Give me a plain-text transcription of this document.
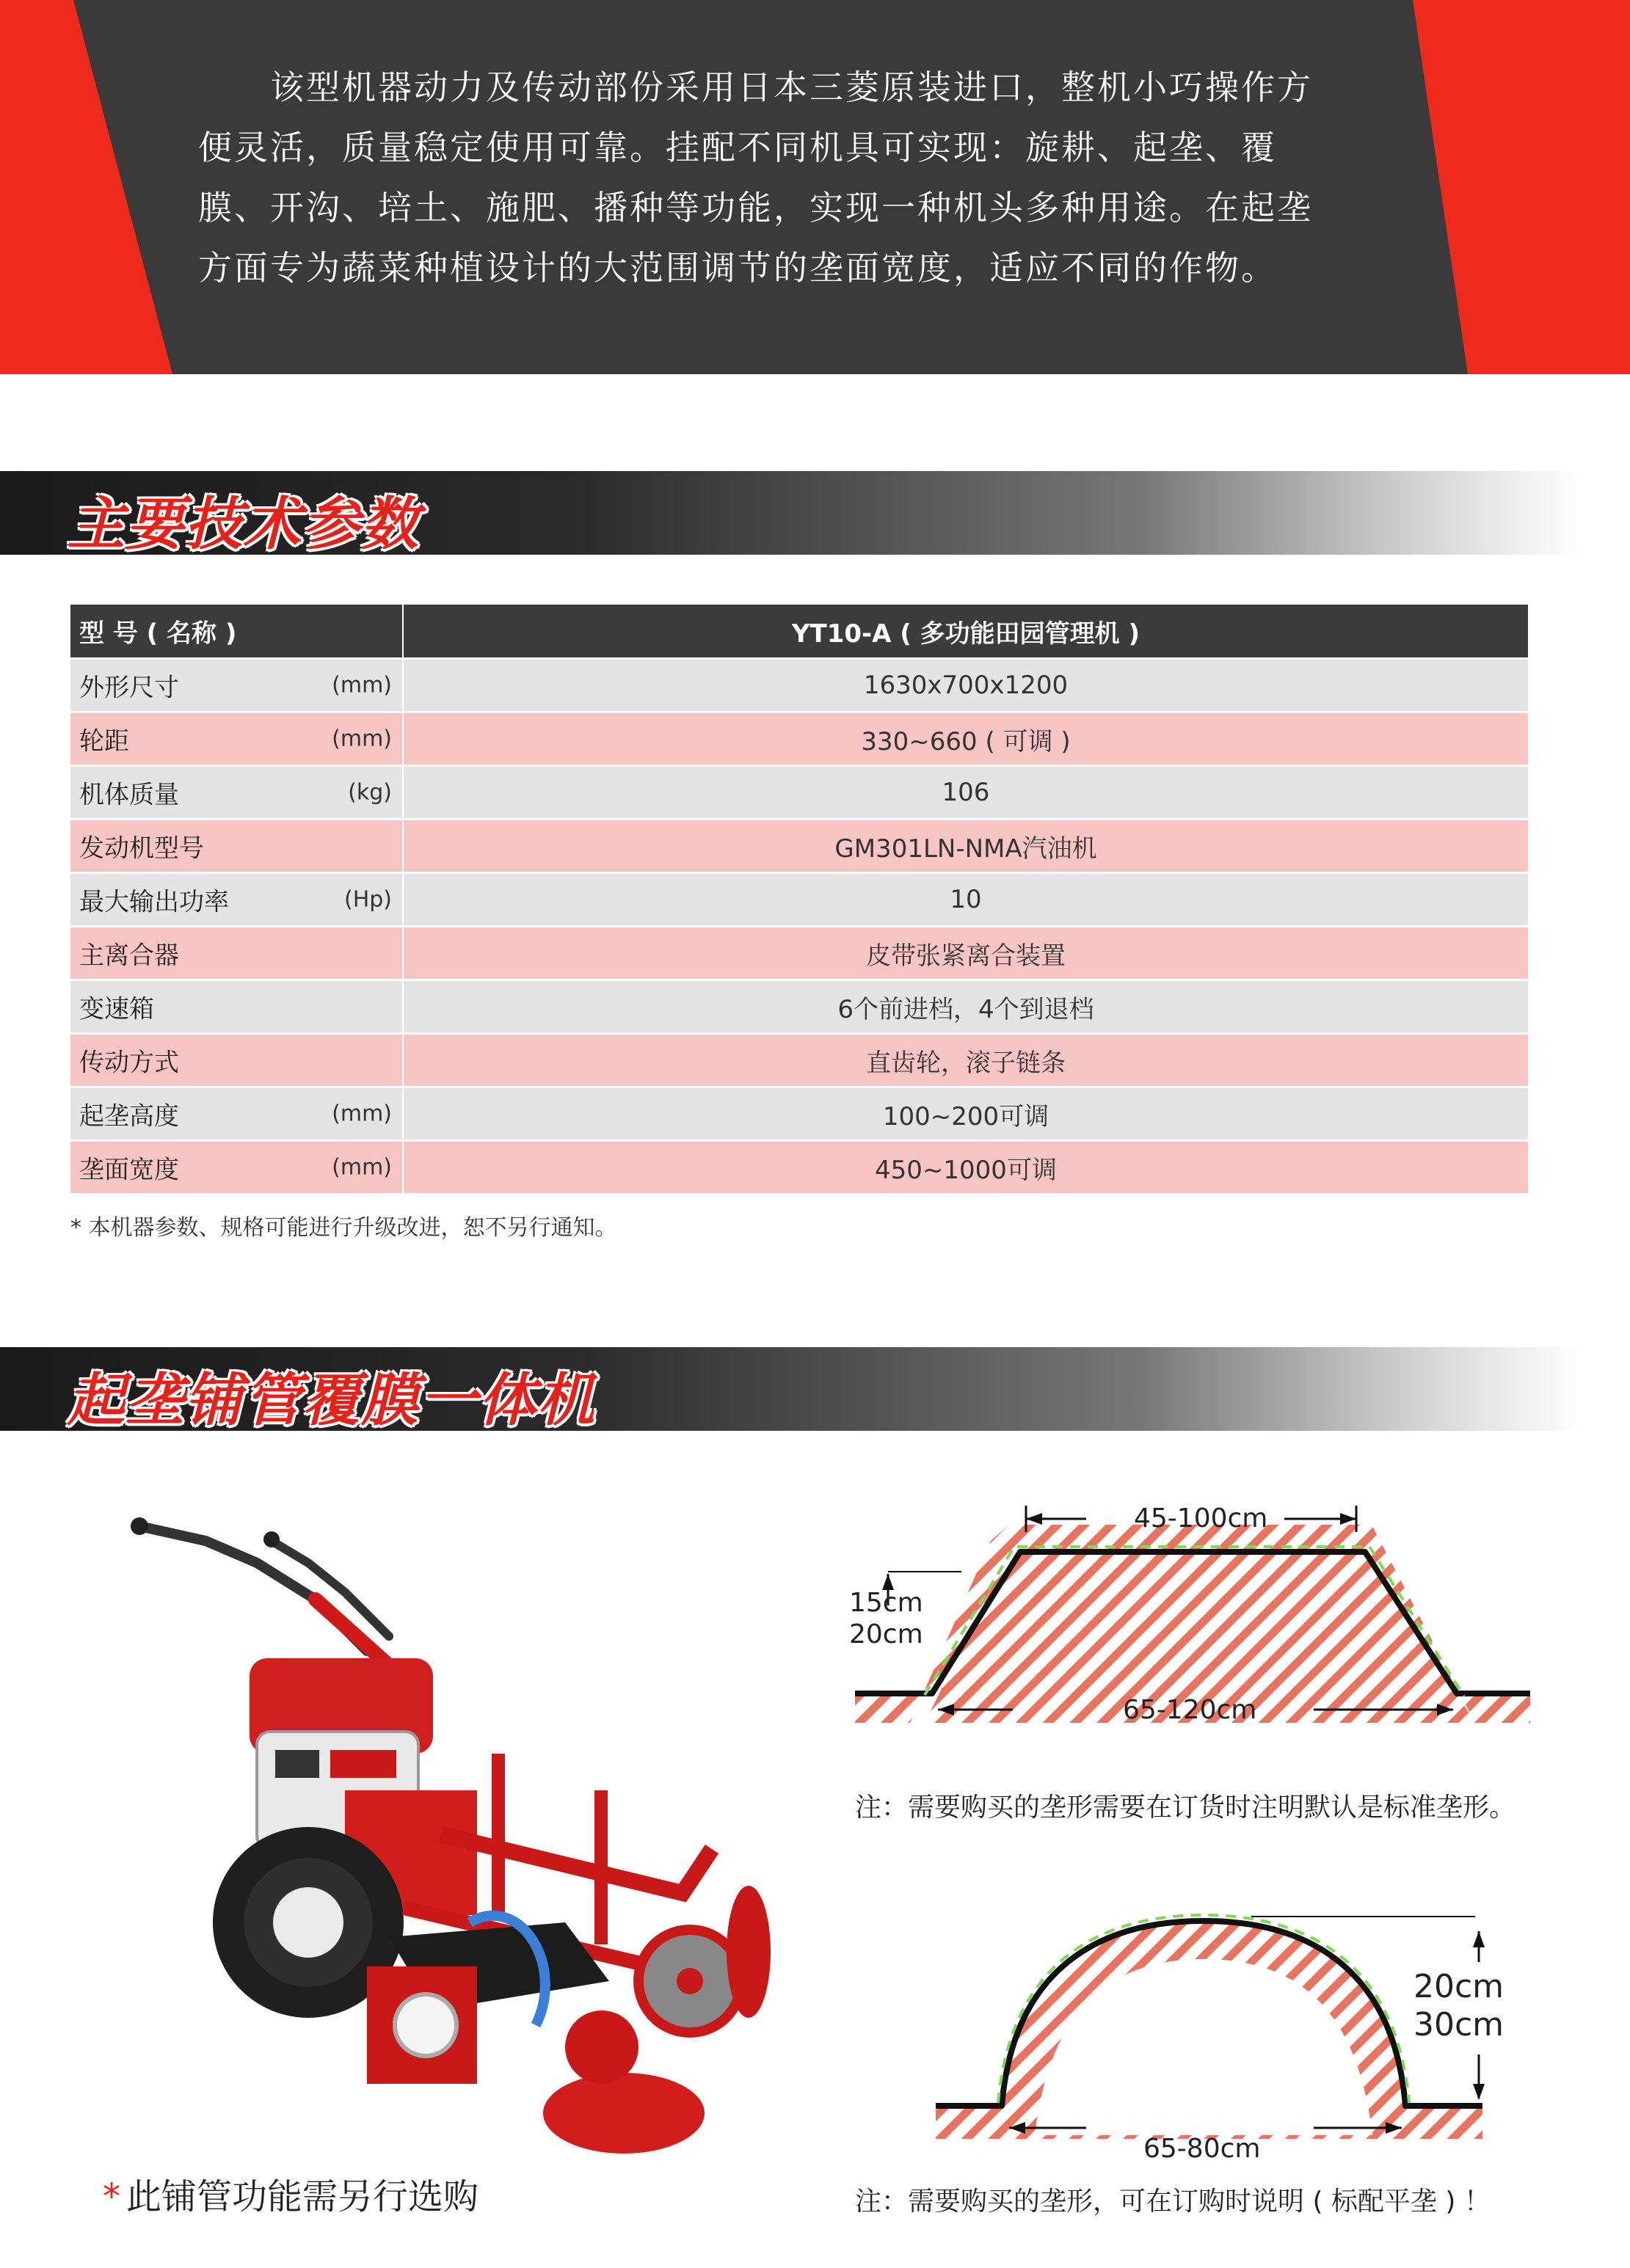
　　该型机器动力及传动部份采用日本三菱原装进口，整机小巧操作方

便灵活，质量稳定使用可靠。挂配不同机具可实现：旋耕、起垄、覆

膜、开沟、培土、施肥、播种等功能，实现一种机头多种用途。在起垄

方面专为蔬菜种植设计的大范围调节的垄面宽度，适应不同的作物。

主要技术参数
型 号 ( 名称 )	YT10-A ( 多功能田园管理机 )

外形尺寸 (mm)	1630x700x1200

轮距 (mm)	330~660 ( 可调 )

机体质量 (kg)	106

发动机型号	GM301LN-NMA汽油机

最大输出功率 (Hp)	10

主离合器	皮带张紧离合装置

变速箱	6个前进档，4个到退档

传动方式	直齿轮，滚子链条

起垄高度 (mm)	100~200可调

垄面宽度 (mm)	450~1000可调
* 本机器参数、规格可能进行升级改进，恕不另行通知。
起垄铺管覆膜一体机
* 此铺管功能需另行选购
45-100cm
15cm
20cm
65-120cm
注：需要购买的垄形需要在订货时注明默认是标准垄形。
20cm
30cm
65-80cm
注：需要购买的垄形，可在订购时说明 ( 标配平垄 ) ！
